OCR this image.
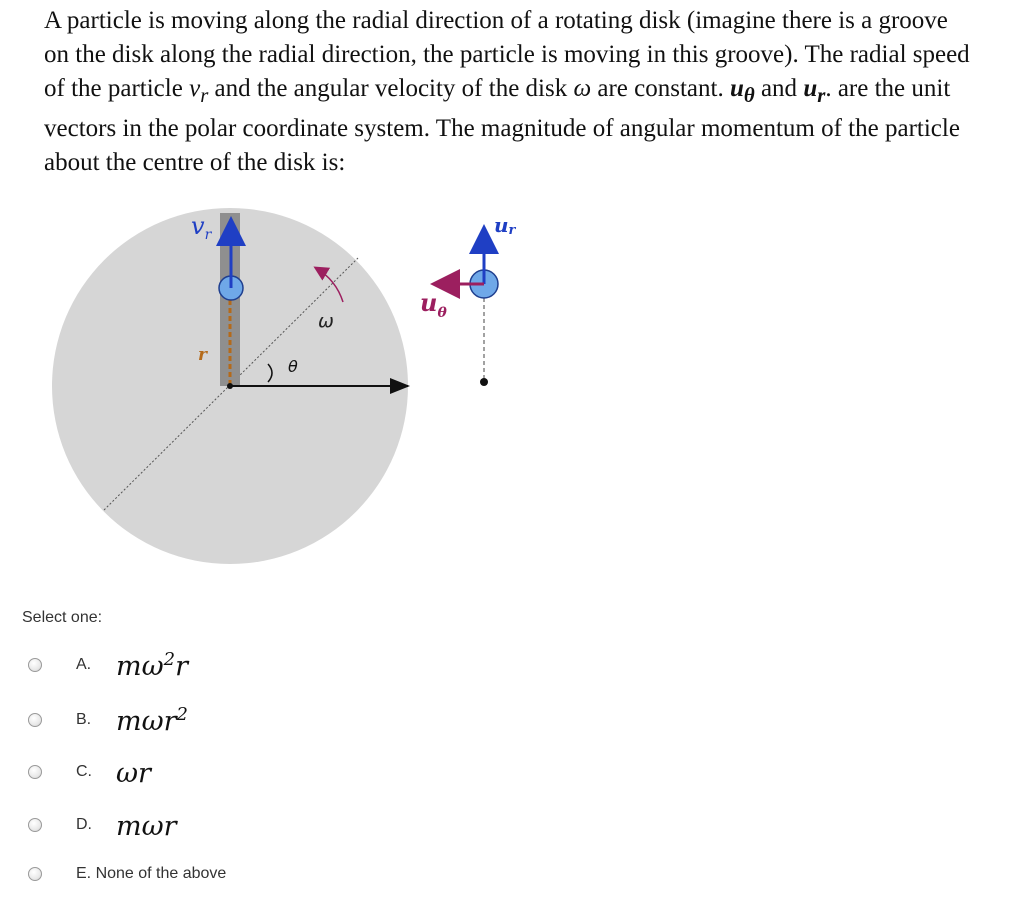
A particle is moving along the radial direction of a rotating disk (imagine there is a groove on the disk along the radial direction, the particle is moving in this groove). The radial speed of the particle $v_r$ and the angular velocity of the disk ω are constant. $u_\theta$ and $u_r$. are the unit vectors in the polar coordinate system. The magnitude of angular momentum of the particle about the centre of the disk is:
$v_r$
r
θ
ω
ur
$u_\theta$
Select one:
A. $m\omega^2r$
B. mωr$^2$
C. ωr
D. mωr
E. None of the above
